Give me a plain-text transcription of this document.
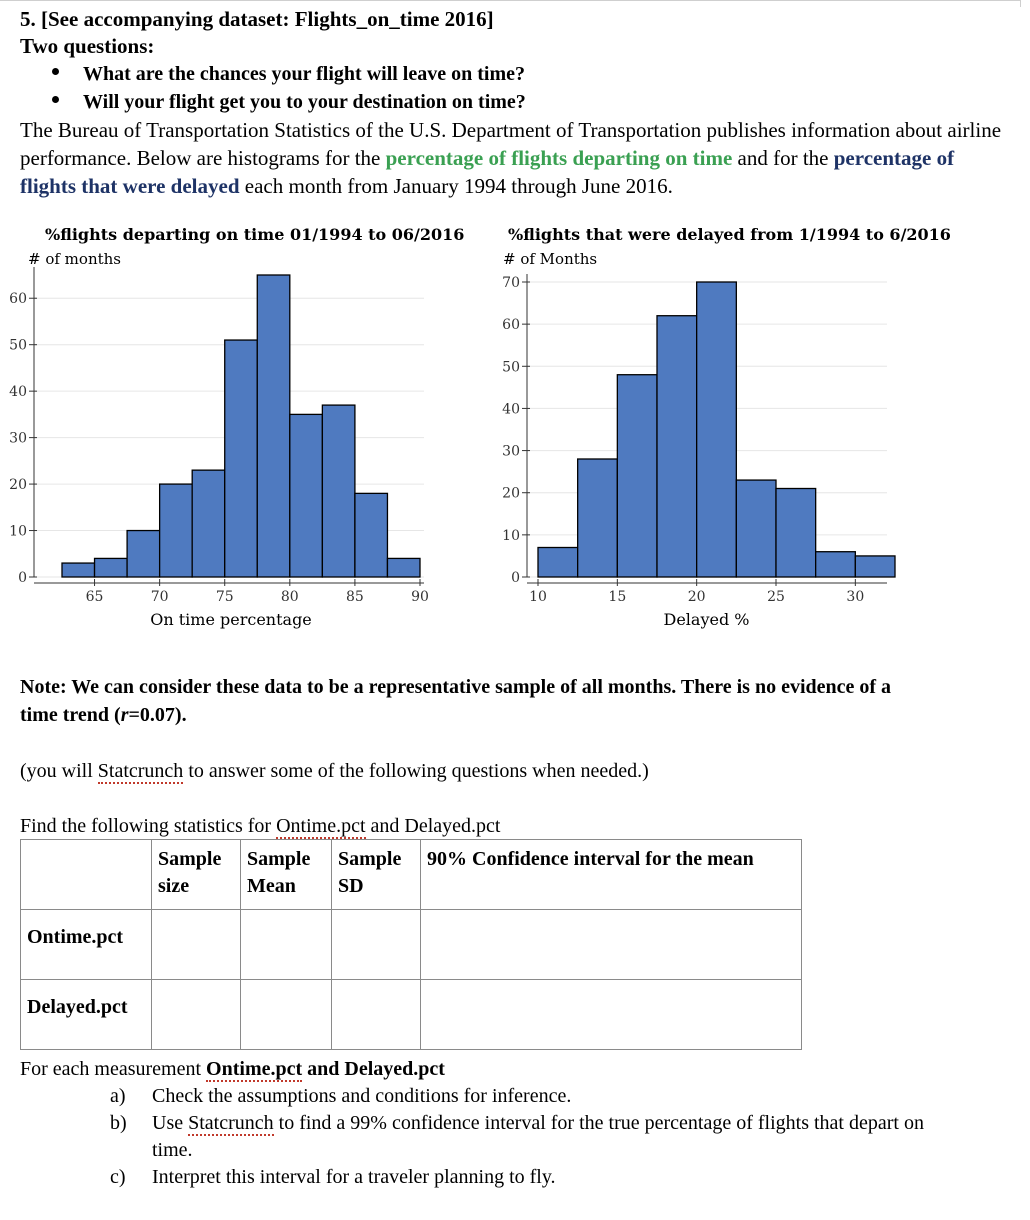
5. [See accompanying dataset: Flights_on_time 2016]
Two questions:
What are the chances your flight will leave on time?
Will your flight get you to your destination on time?
The Bureau of Transportation Statistics of the U.S. Department of Transportation publishes information about airline performance. Below are histograms for the percentage of flights departing on time and for the percentage of flights that were delayed each month from January 1994 through June 2016.
%flights departing on time 01/1994 to 06/2016
# of months
0
10
20
30
40
50
60
65	70	75	80	85	90
On time percentage
%flights that were delayed from 1/1994 to 6/2016
# of Months
0
10
20
30
40
50
60
70
10	15	20	25	30
Delayed %
Note: We can consider these data to be a representative sample of all months. There is no evidence of a
time trend (r=0.07).
(you will Statcrunch to answer some of the following questions when needed.)
Find the following statistics for Ontime.pct and Delayed.pct
	Sample size	Sample Mean	Sample SD	90% Confidence interval for the mean
Ontime.pct				
Delayed.pct				
For each measurement Ontime.pct and Delayed.pct
a) Check the assumptions and conditions for inference.
b) Use Statcrunch to find a 99% confidence interval for the true percentage of flights that depart on
time.
c) Interpret this interval for a traveler planning to fly.
